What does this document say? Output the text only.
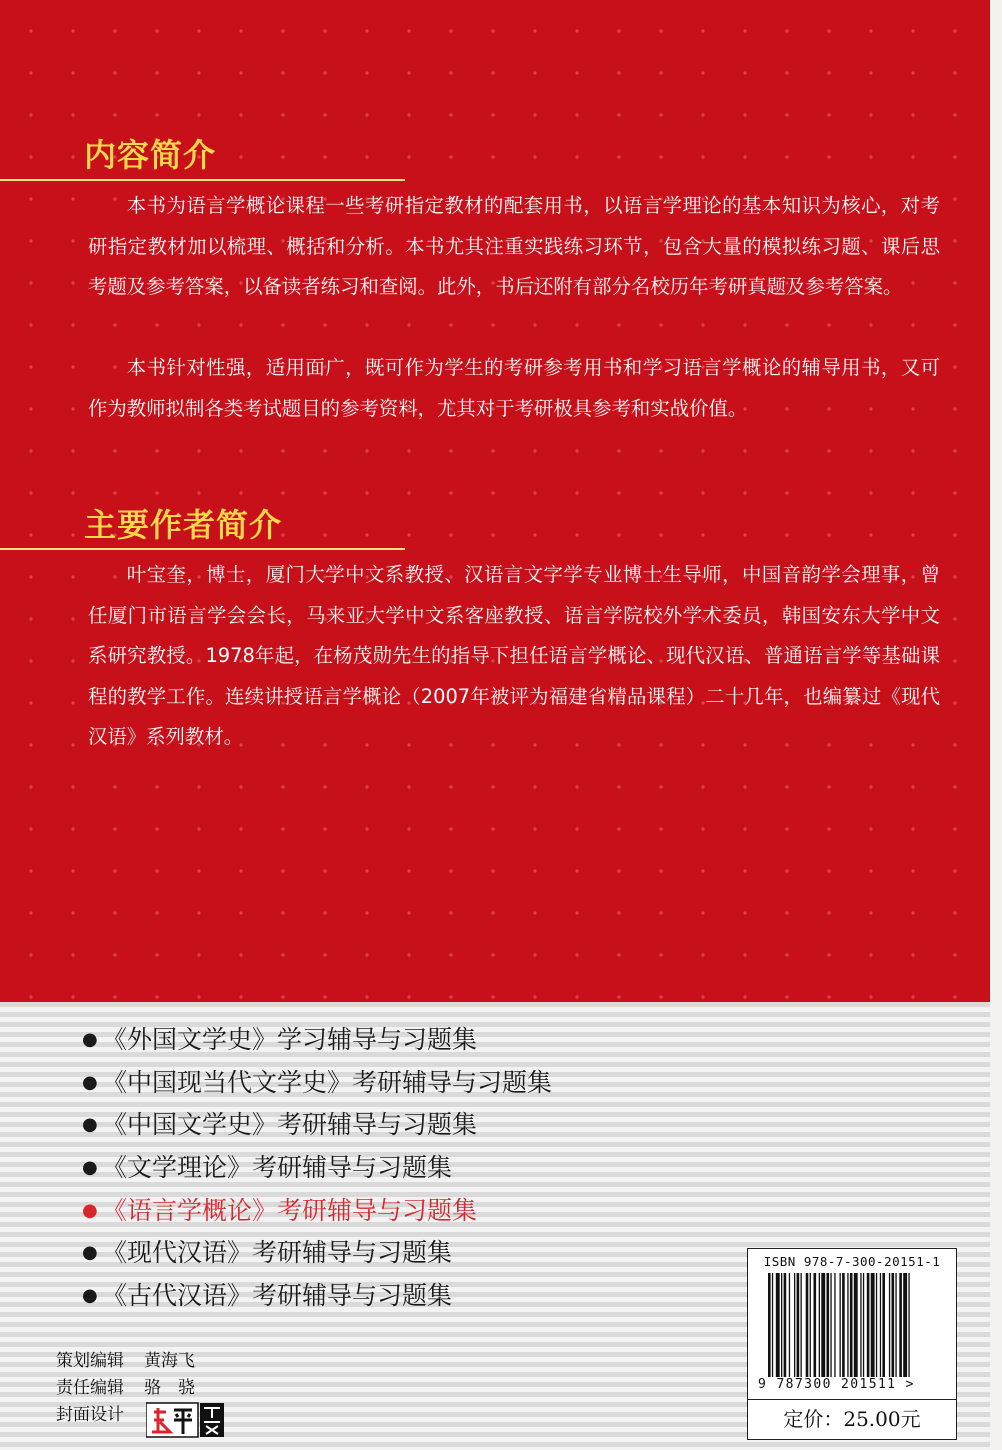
内容简介

本书为语言学概论课程一些考研指定教材的配套用书，以语言学理论的基本知识为核心，对考研指定教材加以梳理、概括和分析。本书尤其注重实践练习环节，包含大量的模拟练习题、课后思考题及参考答案，以备读者练习和查阅。此外，书后还附有部分名校历年考研真题及参考答案。

本书针对性强，适用面广，既可作为学生的考研参考用书和学习语言学概论的辅导用书，又可作为教师拟制各类考试题目的参考资料，尤其对于考研极具参考和实战价值。

主要作者简介

叶宝奎，博士，厦门大学中文系教授、汉语言文字学专业博士生导师，中国音韵学会理事，曾任厦门市语言学会会长，马来亚大学中文系客座教授、语言学院校外学术委员，韩国安东大学中文系研究教授。1978年起，在杨茂勋先生的指导下担任语言学概论、现代汉语、普通语言学等基础课程的教学工作。连续讲授语言学概论（2007年被评为福建省精品课程）二十几年，也编纂过《现代汉语》系列教材。

● 《外国文学史》学习辅导与习题集
● 《中国现当代文学史》考研辅导与习题集
● 《中国文学史》考研辅导与习题集
● 《文学理论》考研辅导与习题集
● 《语言学概论》考研辅导与习题集
● 《现代汉语》考研辅导与习题集
● 《古代汉语》考研辅导与习题集
策划编辑 黄海飞
责任编辑 骆　骁
封面设计
ISBN 978-7-300-20151-1
9 787300 201511 >
定价：25.00元
